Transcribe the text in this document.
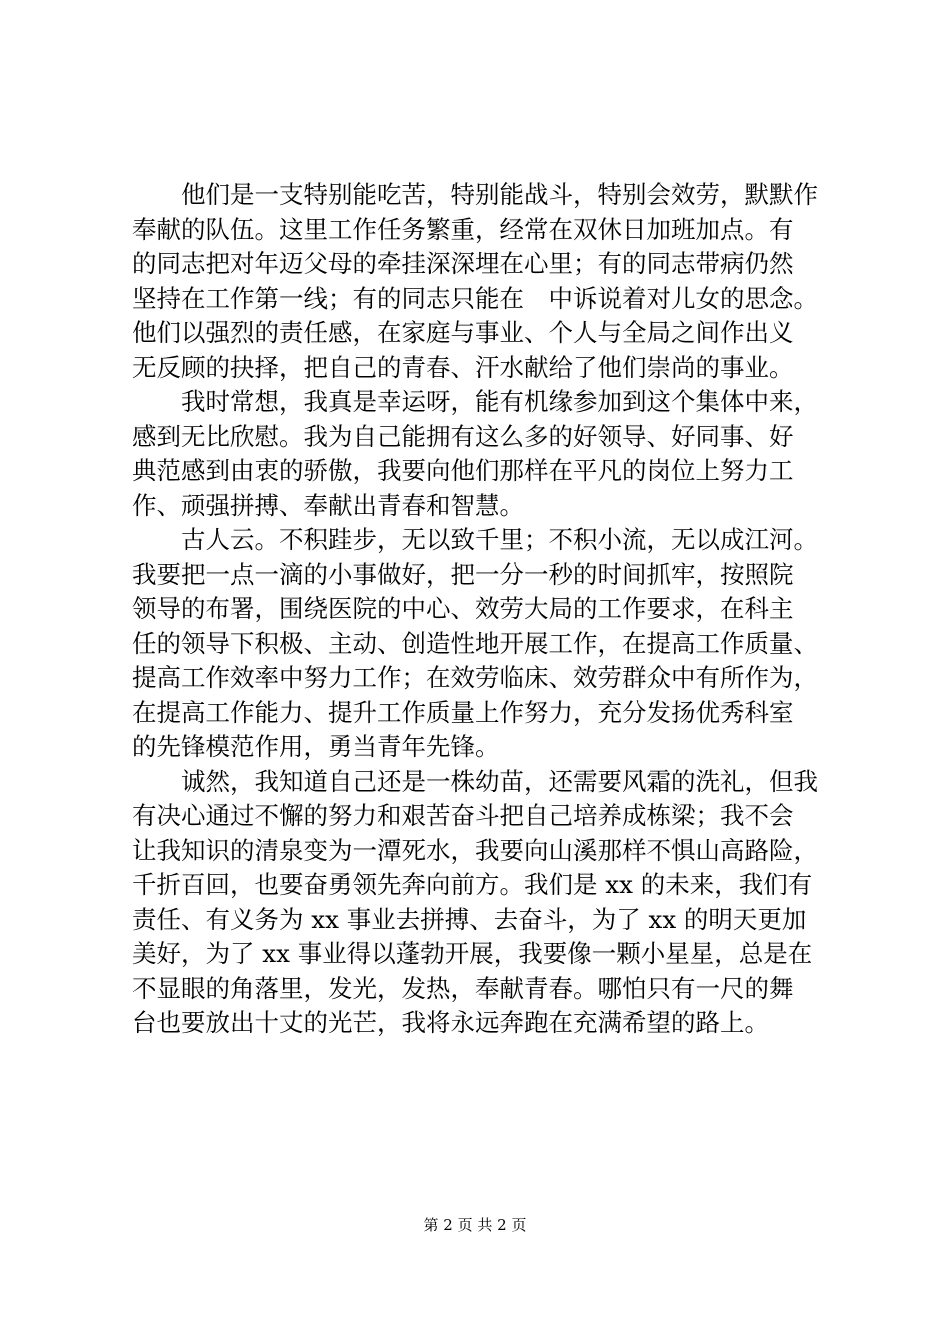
　　他们是一支特别能吃苦，特别能战斗，特别会效劳，默默作
奉献的队伍。这里工作任务繁重，经常在双休日加班加点。有
的同志把对年迈父母的牵挂深深埋在心里；有的同志带病仍然
坚持在工作第一线；有的同志只能在　中诉说着对儿女的思念。
他们以强烈的责任感，在家庭与事业、个人与全局之间作出义
无反顾的抉择，把自己的青春、汗水献给了他们崇尚的事业。
　　我时常想，我真是幸运呀，能有机缘参加到这个集体中来，
感到无比欣慰。我为自己能拥有这么多的好领导、好同事、好
典范感到由衷的骄傲，我要向他们那样在平凡的岗位上努力工
作、顽强拼搏、奉献出青春和智慧。
　　古人云。不积跬步，无以致千里；不积小流，无以成江河。
我要把一点一滴的小事做好，把一分一秒的时间抓牢，按照院
领导的布署，围绕医院的中心、效劳大局的工作要求，在科主
任的领导下积极、主动、创造性地开展工作，在提高工作质量、
提高工作效率中努力工作；在效劳临床、效劳群众中有所作为，
在提高工作能力、提升工作质量上作努力，充分发扬优秀科室
的先锋模范作用，勇当青年先锋。
　　诚然，我知道自己还是一株幼苗，还需要风霜的洗礼，但我
有决心通过不懈的努力和艰苦奋斗把自己培养成栋梁；我不会
让我知识的清泉变为一潭死水，我要向山溪那样不惧山高路险，
千折百回，也要奋勇领先奔向前方。我们是 xx 的未来，我们有
责任、有义务为 xx 事业去拼搏、去奋斗，为了 xx 的明天更加
美好，为了 xx 事业得以蓬勃开展，我要像一颗小星星，总是在
不显眼的角落里，发光，发热，奉献青春。哪怕只有一尺的舞
台也要放出十丈的光芒，我将永远奔跑在充满希望的路上。
第 2 页 共 2 页
